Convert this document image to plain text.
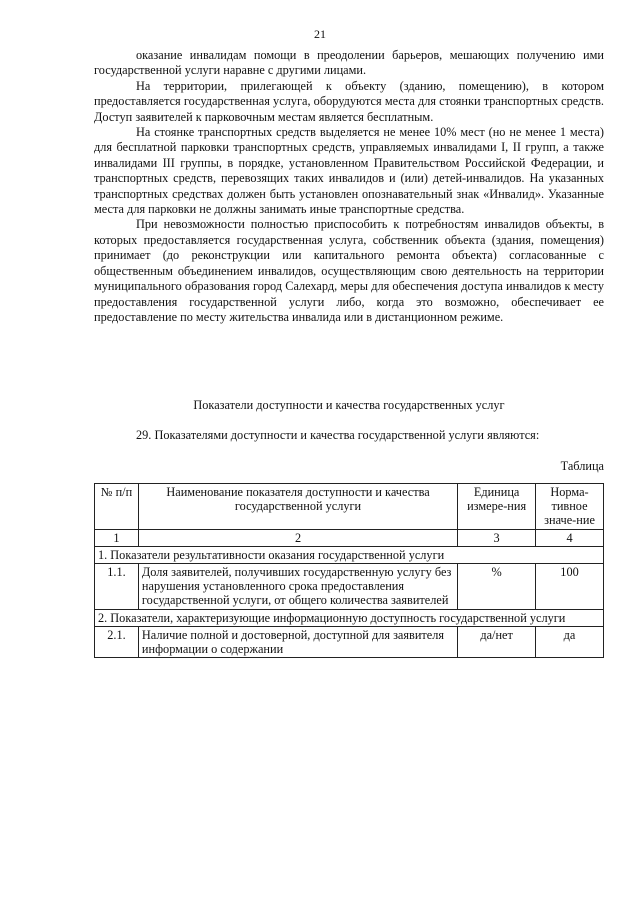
21

оказание инвалидам помощи в преодолении барьеров, мешающих получению ими государственной услуги наравне с другими лицами.

На территории, прилегающей к объекту (зданию, помещению), в котором предоставляется государственная услуга, оборудуются места для стоянки транспортных средств. Доступ заявителей к парковочным местам является бесплатным.

На стоянке транспортных средств выделяется не менее 10% мест (но не менее 1 места) для бесплатной парковки транспортных средств, управляемых инвалидами I, II групп, а также инвалидами III группы, в порядке, установленном Правительством Российской Федерации, и транспортных средств, перевозящих таких инвалидов и (или) детей-инвалидов. На указанных транспортных средствах должен быть установлен опознавательный знак «Инвалид». Указанные места для парковки не должны занимать иные транспортные средства.

При невозможности полностью приспособить к потребностям инвалидов объекты, в которых предоставляется государственная услуга, собственник объекта (здания, помещения) принимает (до реконструкции или капитального ремонта объекта) согласованные с общественным объединением инвалидов, осуществляющим свою деятельность на территории муниципального образования город Салехард, меры для обеспечения доступа инвалидов к месту предоставления государственной услуги либо, когда это возможно, обеспечивает ее предоставление по месту жительства инвалида или в дистанционном режиме.

Показатели доступности и качества государственных услуг

29. Показателями доступности и качества государственной услуги являются:

Таблица
№ п/п	Наименование показателя доступности и качества государственной услуги	Единица измере-ния	Норма-тивное значе-ние
1	2	3	4
1. Показатели результативности оказания государственной услуги			
1.1.	Доля заявителей, получивших государственную услугу без нарушения установленного срока предоставления государственной услуги, от общего количества заявителей	%	100
2. Показатели, характеризующие информационную доступность государственной услуги			
2.1.	Наличие полной и достоверной, доступной для заявителя информации о содержании	да/нет	да
